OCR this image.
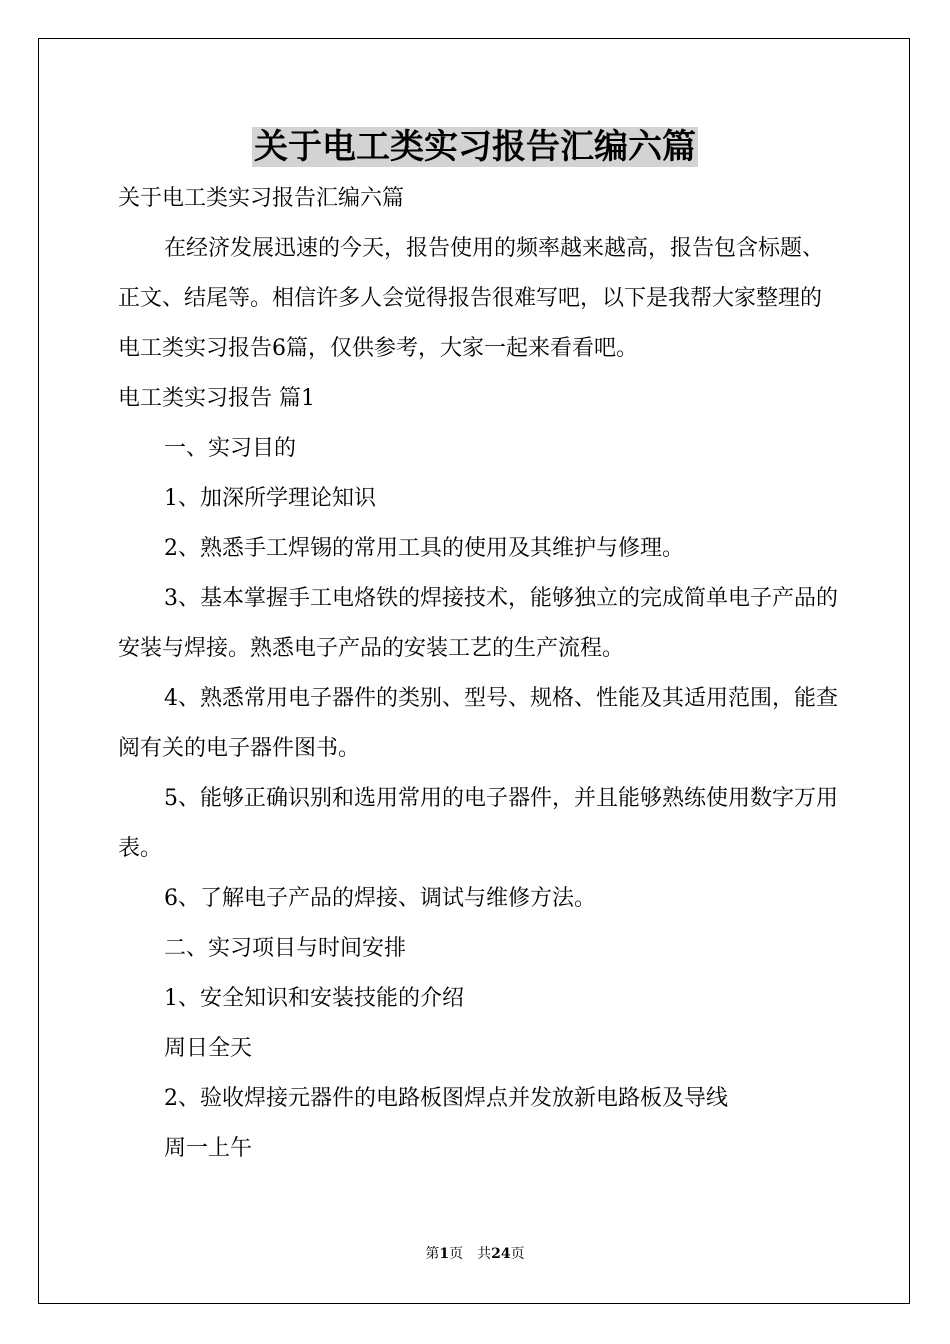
关于电工类实习报告汇编六篇

关于电工类实习报告汇编六篇

在经济发展迅速的今天，报告使用的频率越来越高，报告包含标题、正文、结尾等。相信许多人会觉得报告很难写吧，以下是我帮大家整理的电工类实习报告6篇，仅供参考，大家一起来看看吧。

电工类实习报告 篇1

一、实习目的

1、加深所学理论知识

2、熟悉手工焊锡的常用工具的使用及其维护与修理。

3、基本掌握手工电烙铁的焊接技术，能够独立的完成简单电子产品的安装与焊接。熟悉电子产品的安装工艺的生产流程。

4、熟悉常用电子器件的类别、型号、规格、性能及其适用范围，能查阅有关的电子器件图书。

5、能够正确识别和选用常用的电子器件，并且能够熟练使用数字万用表。

6、了解电子产品的焊接、调试与维修方法。

二、实习项目与时间安排

1、安全知识和安装技能的介绍

周日全天

2、验收焊接元器件的电路板图焊点并发放新电路板及导线

周一上午

第1页　共24页
